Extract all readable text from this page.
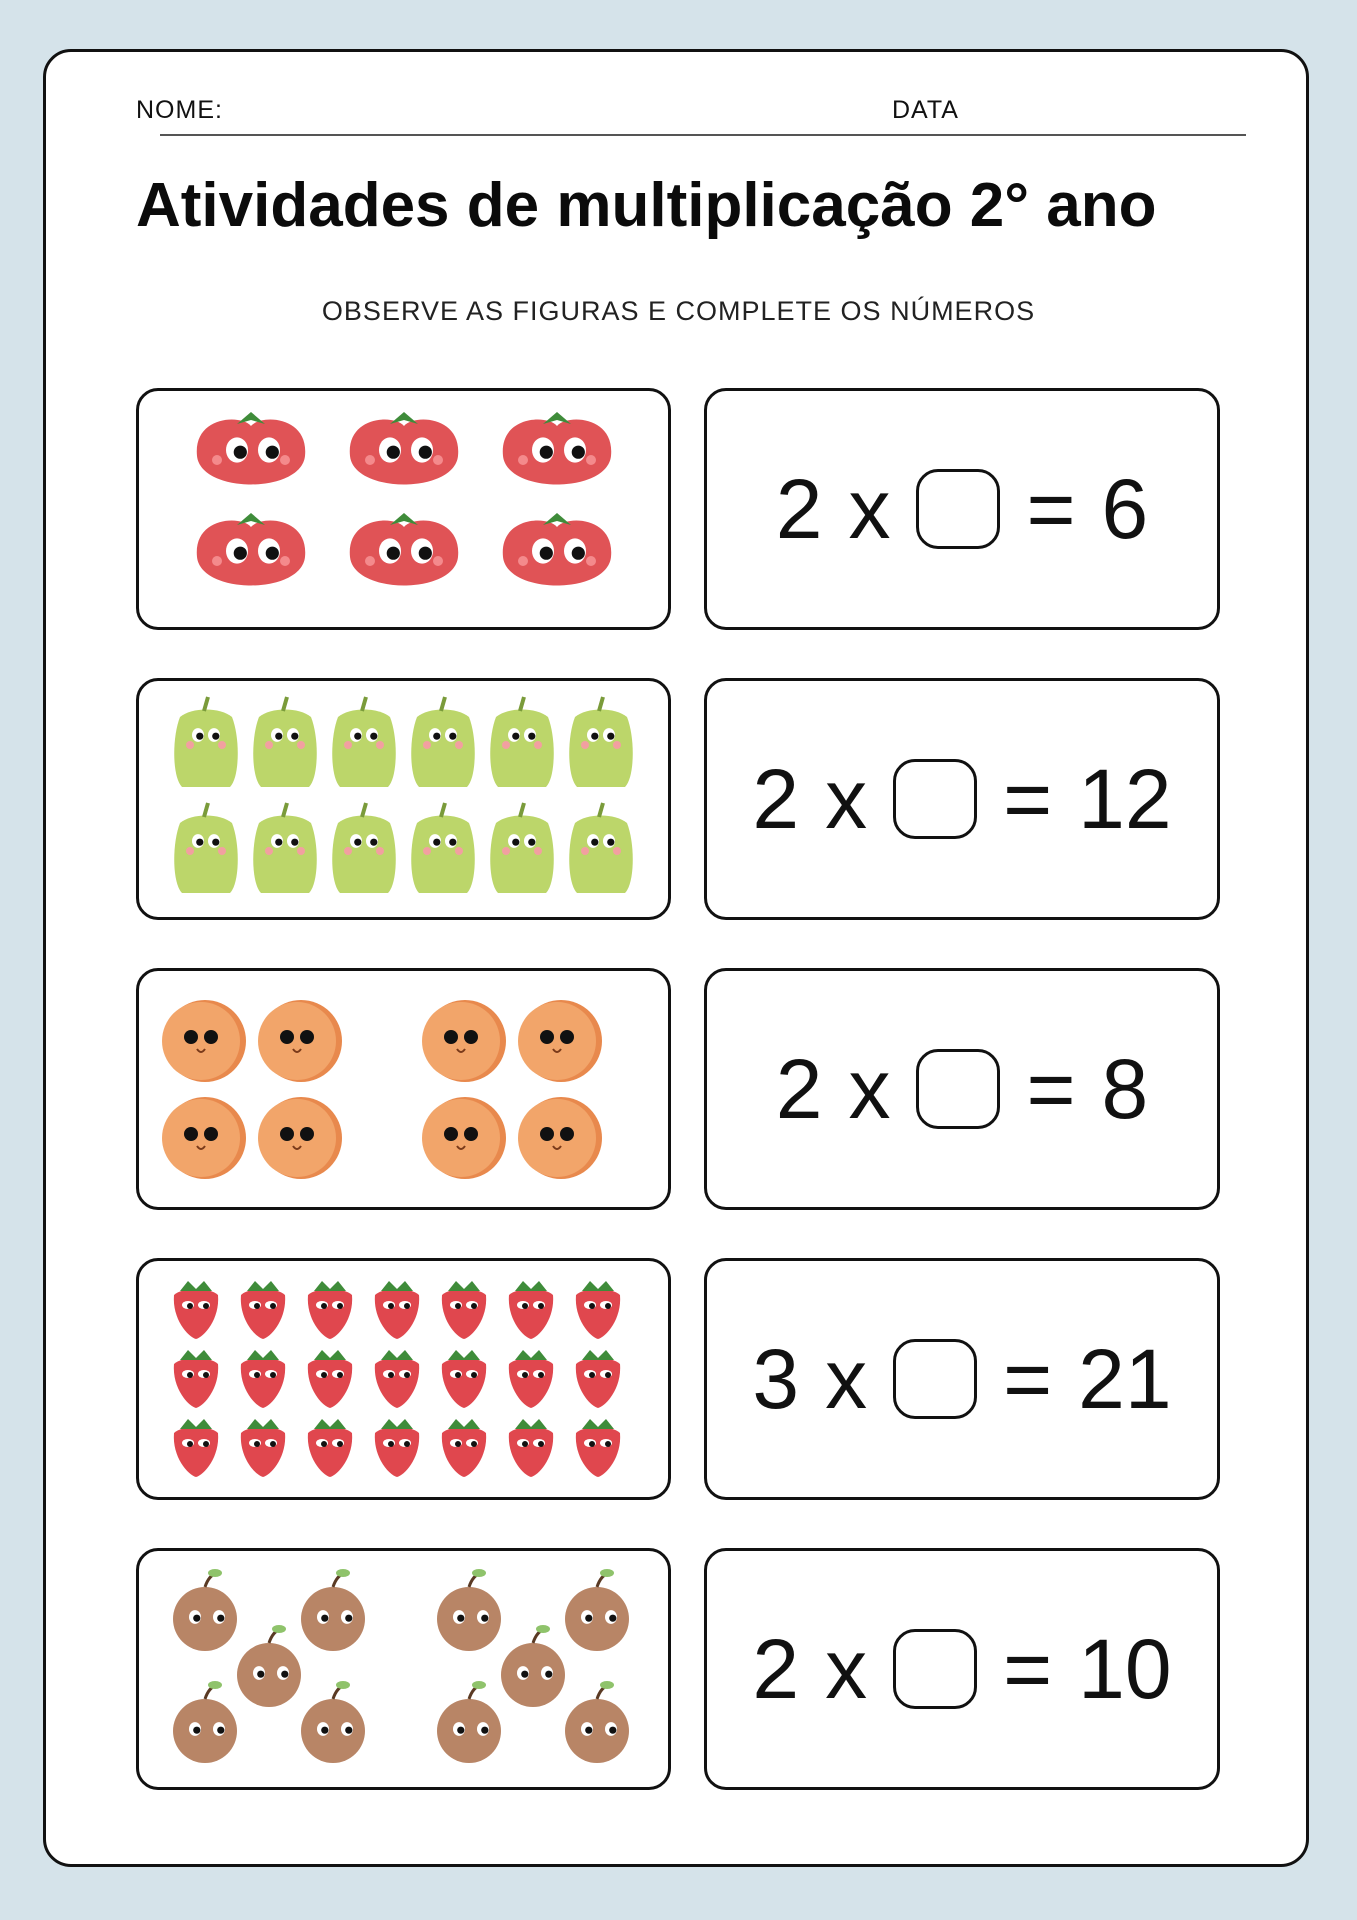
NOME:	DATA
Atividades de multiplicação 2° ano
OBSERVE AS FIGURAS E COMPLETE OS NÚMEROS
2 x = 6
2 x = 12
2 x = 8
3 x = 21
2 x = 10
